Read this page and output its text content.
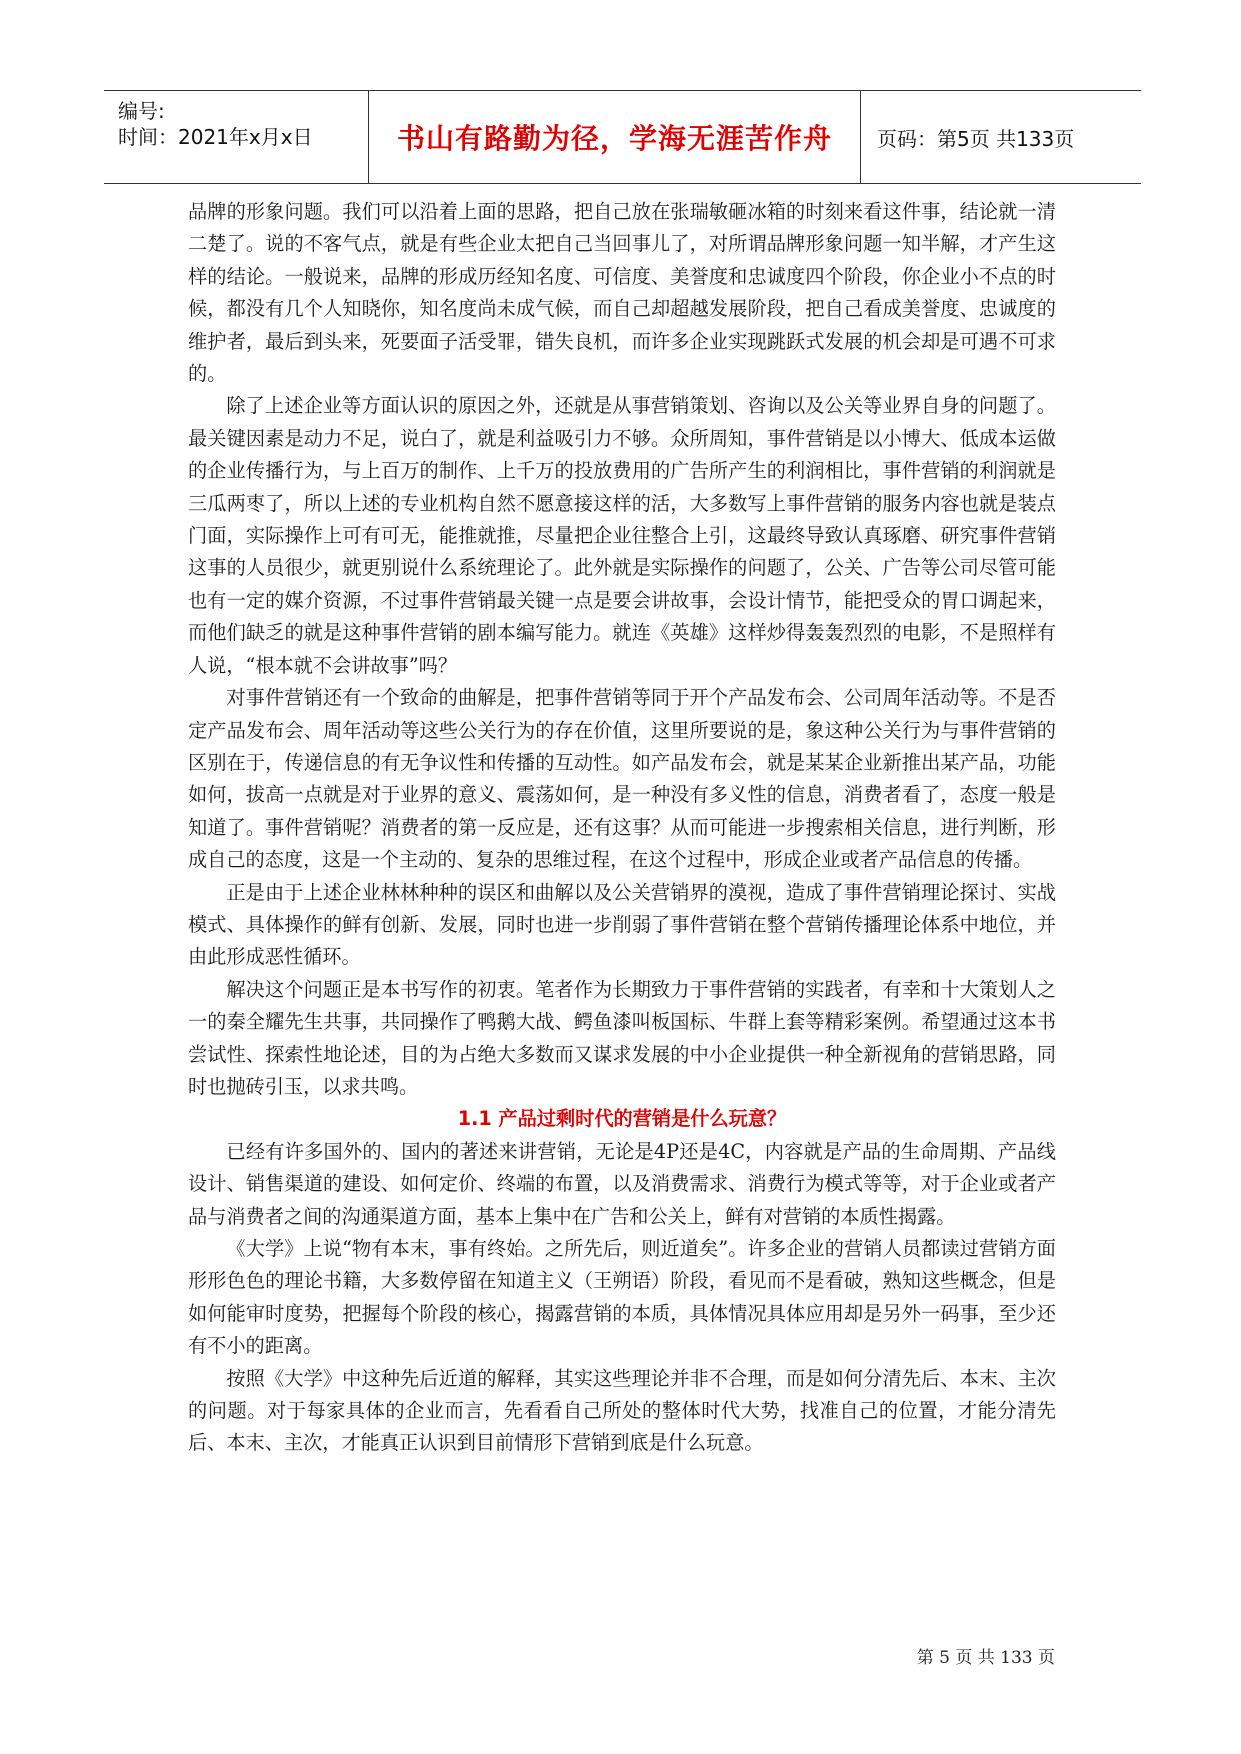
编号:
时间：2021年x月x日	书山有路勤为径，学海无涯苦作舟	页码：第5页 共133页

品牌的形象问题。我们可以沿着上面的思路，把自己放在张瑞敏砸冰箱的时刻来看这件事，结论就一清二楚了。说的不客气点，就是有些企业太把自己当回事儿了，对所谓品牌形象问题一知半解，才产生这样的结论。一般说来，品牌的形成历经知名度、可信度、美誉度和忠诚度四个阶段，你企业小不点的时候，都没有几个人知晓你，知名度尚未成气候，而自己却超越发展阶段，把自己看成美誉度、忠诚度的维护者，最后到头来，死要面子活受罪，错失良机，而许多企业实现跳跃式发展的机会却是可遇不可求的。

除了上述企业等方面认识的原因之外，还就是从事营销策划、咨询以及公关等业界自身的问题了。最关键因素是动力不足，说白了，就是利益吸引力不够。众所周知，事件营销是以小博大、低成本运做的企业传播行为，与上百万的制作、上千万的投放费用的广告所产生的利润相比，事件营销的利润就是三瓜两枣了，所以上述的专业机构自然不愿意接这样的活，大多数写上事件营销的服务内容也就是装点门面，实际操作上可有可无，能推就推，尽量把企业往整合上引，这最终导致认真琢磨、研究事件营销这事的人员很少，就更别说什么系统理论了。此外就是实际操作的问题了，公关、广告等公司尽管可能也有一定的媒介资源，不过事件营销最关键一点是要会讲故事，会设计情节，能把受众的胃口调起来，而他们缺乏的就是这种事件营销的剧本编写能力。就连《英雄》这样炒得轰轰烈烈的电影，不是照样有人说，“根本就不会讲故事”吗？

对事件营销还有一个致命的曲解是，把事件营销等同于开个产品发布会、公司周年活动等。不是否定产品发布会、周年活动等这些公关行为的存在价值，这里所要说的是，象这种公关行为与事件营销的区别在于，传递信息的有无争议性和传播的互动性。如产品发布会，就是某某企业新推出某产品，功能如何，拔高一点就是对于业界的意义、震荡如何，是一种没有多义性的信息，消费者看了，态度一般是知道了。事件营销呢？消费者的第一反应是，还有这事？从而可能进一步搜索相关信息，进行判断，形成自己的态度，这是一个主动的、复杂的思维过程，在这个过程中，形成企业或者产品信息的传播。

正是由于上述企业林林种种的误区和曲解以及公关营销界的漠视，造成了事件营销理论探讨、实战模式、具体操作的鲜有创新、发展，同时也进一步削弱了事件营销在整个营销传播理论体系中地位，并由此形成恶性循环。

解决这个问题正是本书写作的初衷。笔者作为长期致力于事件营销的实践者，有幸和十大策划人之一的秦全耀先生共事，共同操作了鸭鹅大战、鳄鱼漆叫板国标、牛群上套等精彩案例。希望通过这本书尝试性、探索性地论述，目的为占绝大多数而又谋求发展的中小企业提供一种全新视角的营销思路，同时也抛砖引玉，以求共鸣。

1.1 产品过剩时代的营销是什么玩意？

已经有许多国外的、国内的著述来讲营销，无论是4P还是4C，内容就是产品的生命周期、产品线设计、销售渠道的建设、如何定价、终端的布置，以及消费需求、消费行为模式等等，对于企业或者产品与消费者之间的沟通渠道方面，基本上集中在广告和公关上，鲜有对营销的本质性揭露。

《大学》上说“物有本末，事有终始。之所先后，则近道矣”。许多企业的营销人员都读过营销方面形形色色的理论书籍，大多数停留在知道主义（王朔语）阶段，看见而不是看破，熟知这些概念，但是如何能审时度势，把握每个阶段的核心，揭露营销的本质，具体情况具体应用却是另外一码事，至少还有不小的距离。

按照《大学》中这种先后近道的解释，其实这些理论并非不合理，而是如何分清先后、本末、主次的问题。对于每家具体的企业而言，先看看自己所处的整体时代大势，找准自己的位置，才能分清先后、本末、主次，才能真正认识到目前情形下营销到底是什么玩意。

第 5 页 共 133 页
